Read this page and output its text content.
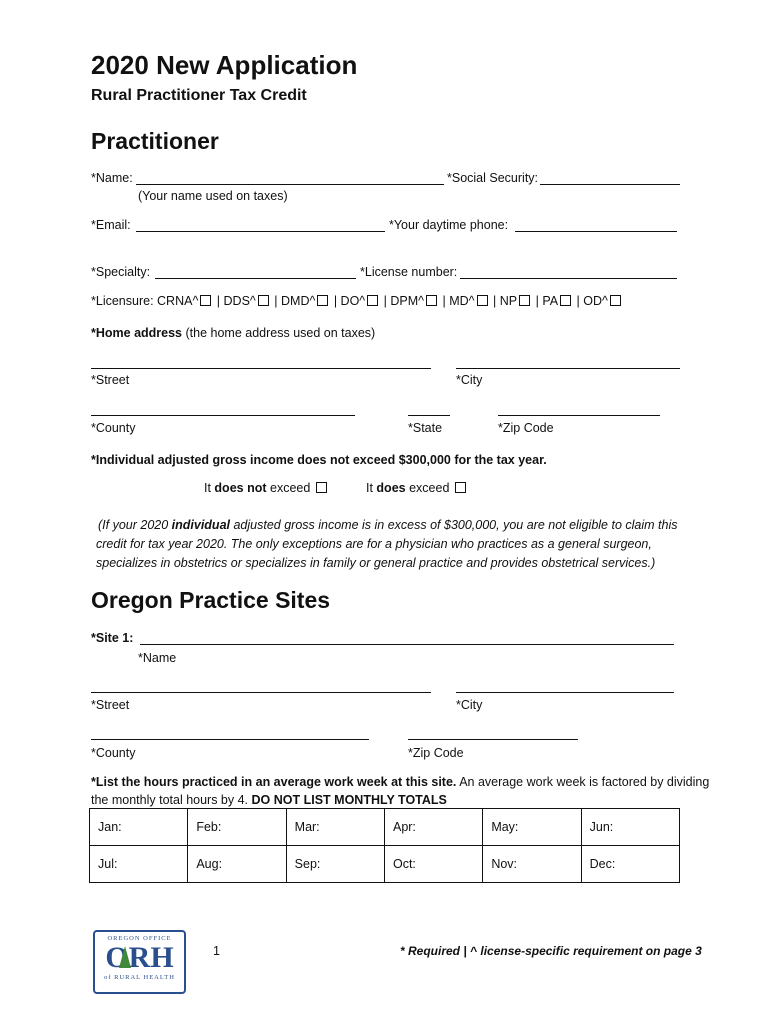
2020 New Application
Rural Practitioner Tax Credit
Practitioner
*Name:	*Social Security:
(Your name used on taxes)
*Email:	*Your daytime phone:
*Specialty:	*License number:
*Licensure: CRNA^ | DDS^ | DMD^ | DO^ | DPM^ | MD^ | NP | PA | OD^
*Home address (the home address used on taxes)
*Street	*City
*County	*State	*Zip Code
*Individual adjusted gross income does not exceed $300,000 for the tax year.
It does not exceed	It does exceed
(If your 2020 individual adjusted gross income is in excess of $300,000, you are not eligible to claim this
credit for tax year 2020. The only exceptions are for a physician who practices as a general surgeon,
specializes in obstetrics or specializes in family or general practice and provides obstetrical services.)
Oregon Practice Sites
*Site 1:
*Name
*Street	*City
*County	*Zip Code
*List the hours practiced in an average work week at this site. An average work week is factored by dividing
the monthly total hours by 4. DO NOT LIST MONTHLY TOTALS
Jan:	Feb:	Mar:	Apr:	May:	Jun:
Jul:	Aug:	Sep:	Oct:	Nov:	Dec:
OREGON OFFICE
ORH
of RURAL HEALTH
1	* Required | ^ license-specific requirement on page 3
